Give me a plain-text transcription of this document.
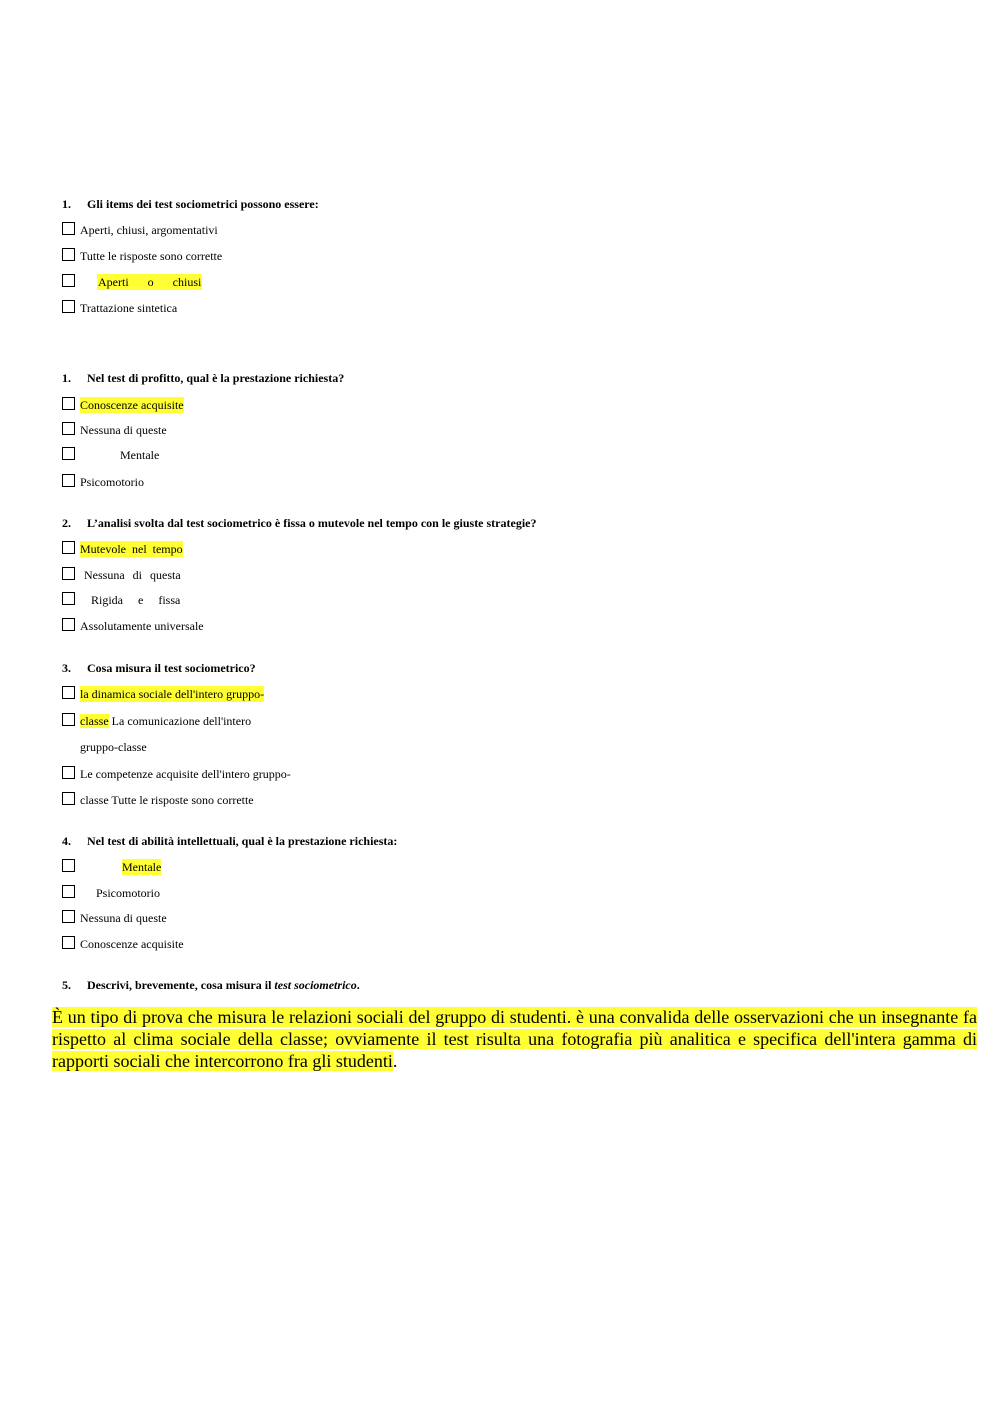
1. Gli items dei test sociometrici possono essere:
Aperti, chiusi, argomentativi
Tutte le risposte sono corrette
Aperti o chiusi
Trattazione sintetica
1. Nel test di profitto, qual è la prestazione richiesta?
Conoscenze acquisite
Nessuna di queste
Mentale
Psicomotorio
2. L’analisi svolta dal test sociometrico è fissa o mutevole nel tempo con le giuste strategie?
Mutevole nel tempo
Nessuna di questa
Rigida e fissa
Assolutamente universale
3. Cosa misura il test sociometrico?
la dinamica sociale dell'intero gruppo-
classe La comunicazione dell'intero
gruppo-classe
Le competenze acquisite dell'intero gruppo-
classe Tutte le risposte sono corrette
4. Nel test di abilità intellettuali, qual è la prestazione richiesta:
Mentale
Psicomotorio
Nessuna di queste
Conoscenze acquisite
5. Descrivi, brevemente, cosa misura il test sociometrico.
È un tipo di prova che misura le relazioni sociali del gruppo di studenti. è una convalida delle osservazioni che un insegnante fa rispetto al clima sociale della classe; ovviamente il test risulta una fotografia più analitica e specifica dell'intera gamma di rapporti sociali che intercorrono fra gli studenti.
